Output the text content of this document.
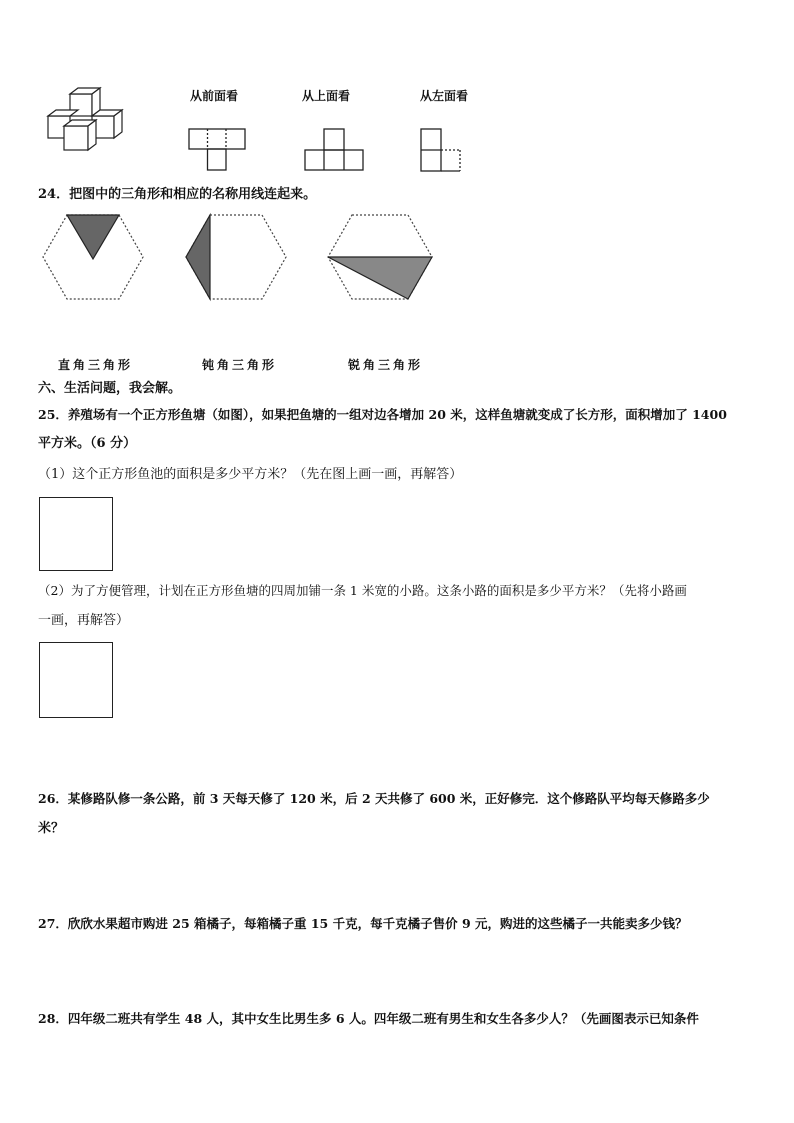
从前面看	从上面看	从左面看
24．把图中的三角形和相应的名称用线连起来。
直角三角形	钝角三角形	锐角三角形
六、生活问题，我会解。
25．养殖场有一个正方形鱼塘（如图），如果把鱼塘的一组对边各增加 20 米，这样鱼塘就变成了长方形，面积增加了 1400
平方米。（6 分）
（1）这个正方形鱼池的面积是多少平方米？（先在图上画一画，再解答）
（2）为了方便管理，计划在正方形鱼塘的四周加铺一条 1 米宽的小路。这条小路的面积是多少平方米？（先将小路画
一画，再解答）
26．某修路队修一条公路，前 3 天每天修了 120 米，后 2 天共修了 600 米，正好修完．这个修路队平均每天修路多少
米？
27．欣欣水果超市购进 25 箱橘子，每箱橘子重 15 千克，每千克橘子售价 9 元，购进的这些橘子一共能卖多少钱？
28．四年级二班共有学生 48 人，其中女生比男生多 6 人。四年级二班有男生和女生各多少人？（先画图表示已知条件
